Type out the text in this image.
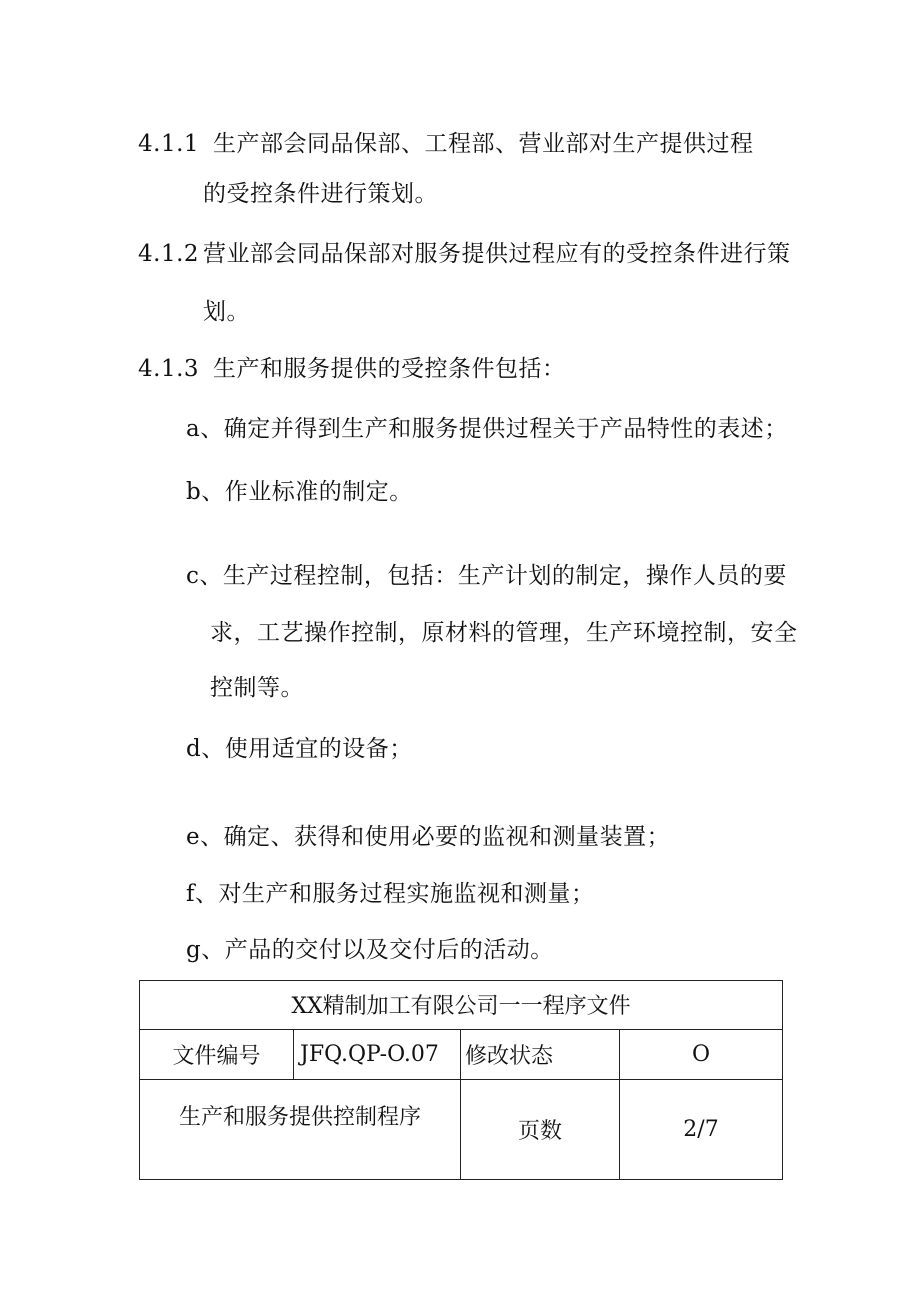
4.1.1 生产部会同品保部、工程部、营业部对生产提供过程
的受控条件进行策划。
4.1.2 营业部会同品保部对服务提供过程应有的受控条件进行策
划。
4.1.3 生产和服务提供的受控条件包括：
a、确定并得到生产和服务提供过程关于产品特性的表述；
b、作业标准的制定。
c、生产过程控制，包括：生产计划的制定，操作人员的要
求，工艺操作控制，原材料的管理，生产环境控制，安全
控制等。
d、使用适宜的设备；
e、确定、获得和使用必要的监视和测量装置；
f、对生产和服务过程实施监视和测量；
g、产品的交付以及交付后的活动。
XX精制加工有限公司一一程序文件			
文件编号	JFQ.QP-O.07	修改状态	O
生产和服务提供控制程序		页数	2/7
